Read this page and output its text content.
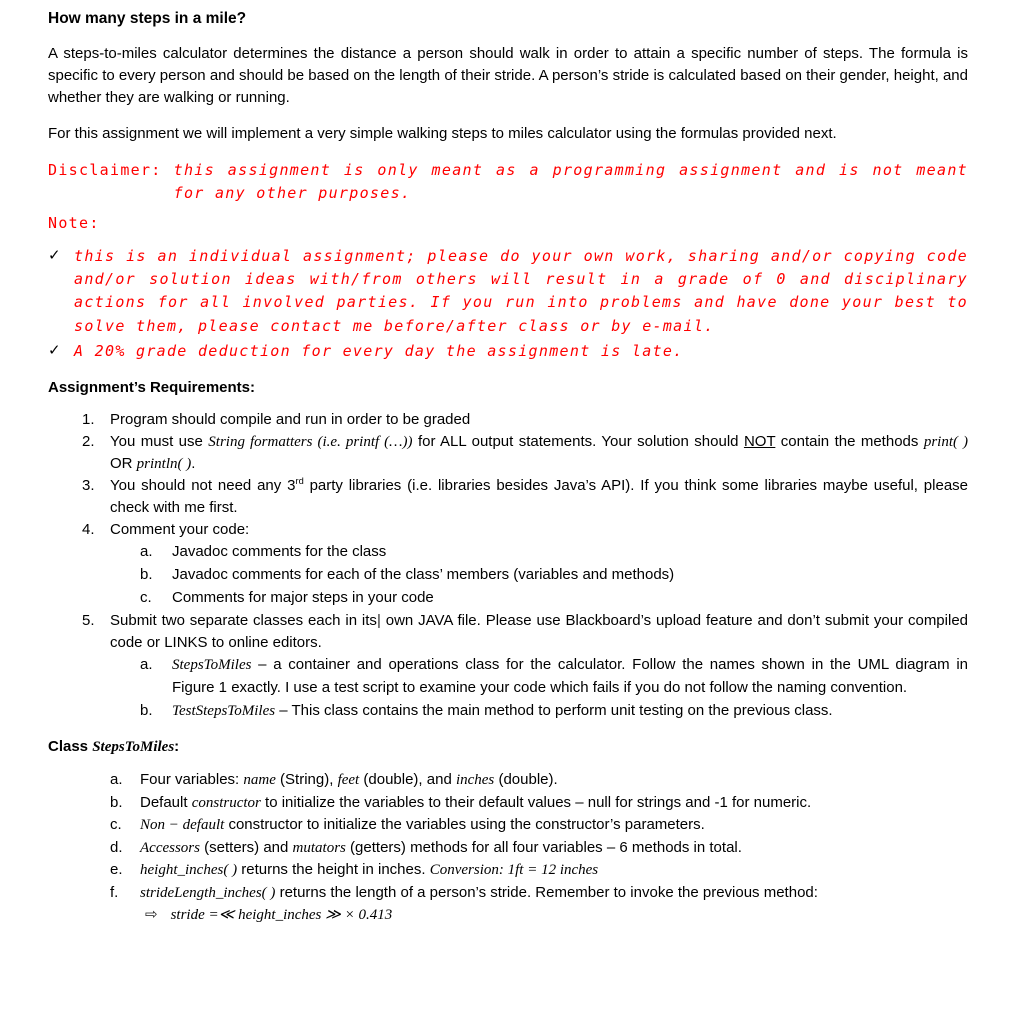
How many steps in a mile?

A steps-to-miles calculator determines the distance a person should walk in order to attain a specific number of steps. The formula is specific to every person and should be based on the length of their stride. A person’s stride is calculated based on their gender, height, and whether they are walking or running.

For this assignment we will implement a very simple walking steps to miles calculator using the formulas provided next.

Disclaimer: this assignment is only meant as a programming assignment and is not meant for any other purposes.
Note:
✓ this is an individual assignment; please do your own work, sharing and/or copying code and/or solution ideas with/from others will result in a grade of 0 and disciplinary actions for all involved parties. If you run into problems and have done your best to solve them, please contact me before/after class or by e-mail.
✓ A 20% grade deduction for every day the assignment is late.
Assignment’s Requirements:
1.	Program should compile and run in order to be graded
2.	You must use String formatters (i.e. printf (…)) for ALL output statements. Your solution should NOT contain the methods print( ) OR println( ).
3.	You should not need any 3rd party libraries (i.e. libraries besides Java’s API). If you think some libraries maybe useful, please check with me first.
4.	Comment your code:
a.	Javadoc comments for the class
b.	Javadoc comments for each of the class’ members (variables and methods)
c.	Comments for major steps in your code
5.	Submit two separate classes each in its| own JAVA file. Please use Blackboard’s upload feature and don’t submit your compiled code or LINKS to online editors.
a.	StepsToMiles – a container and operations class for the calculator. Follow the names shown in the UML diagram in Figure 1 exactly. I use a test script to examine your code which fails if you do not follow the naming convention.
b.	TestStepsToMiles – This class contains the main method to perform unit testing on the previous class.
Class StepsToMiles:
a.	Four variables: name (String), feet (double), and inches (double).
b.	Default constructor to initialize the variables to their default values – null for strings and -1 for numeric.
c.	Non − default constructor to initialize the variables using the constructor’s parameters.
d.	Accessors (setters) and mutators (getters) methods for all four variables – 6 methods in total.
e.	height_inches( ) returns the height in inches. Conversion: 1ft = 12 inches
f.	strideLength_inches( ) returns the length of a person’s stride. Remember to invoke the previous method:
⇨ stride =≪ height_inches ≫ × 0.413
